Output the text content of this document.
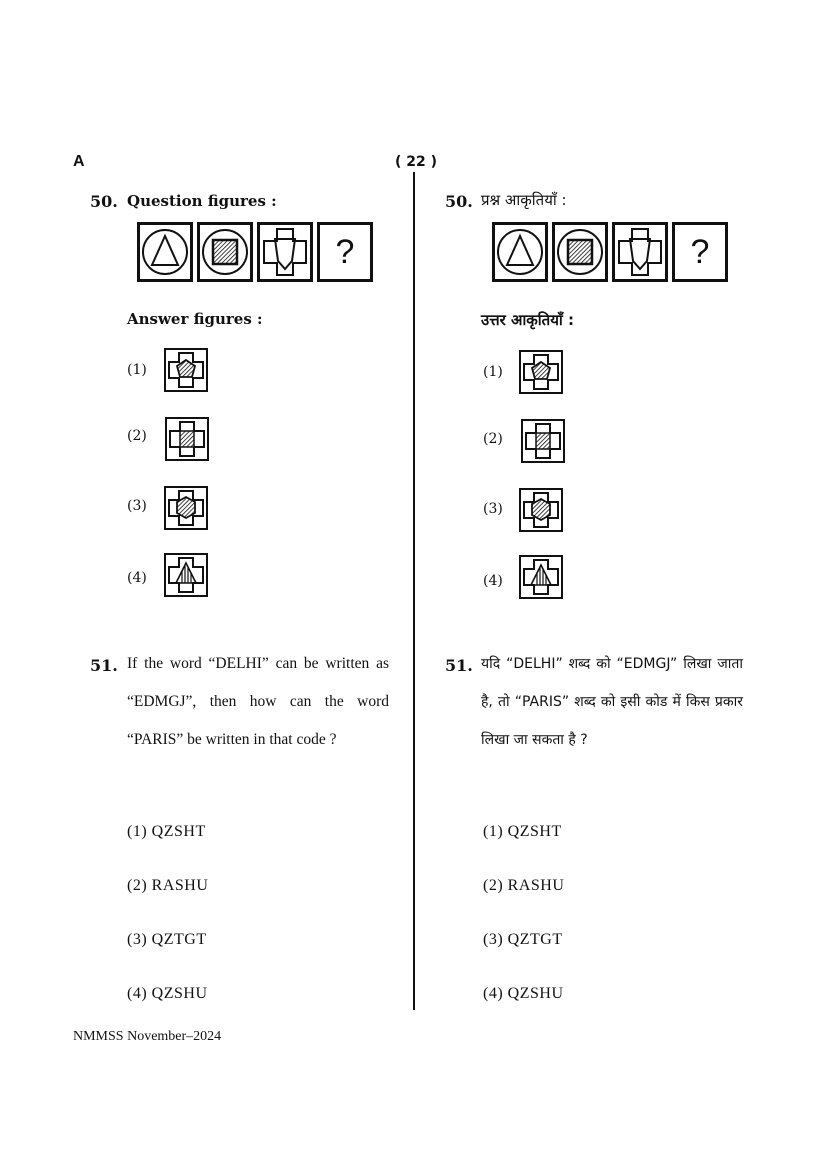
A	( 22 )
50. Question figures :
?
Answer figures :
(1)
(2)
(3)
(4)
50. प्रश्न आकृतियाँ :
?
उत्तर आकृतियाँ :
(1)
(2)
(3)
(4)
51. If the word “DELHI” can be written as “EDMGJ”, then how can the word “PARIS” be written in that code ?
(1) QZSHT
(2) RASHU
(3) QZTGT
(4) QZSHU
51. यदि “DELHI” शब्द को “EDMGJ” लिखा जाता है, तो “PARIS” शब्द को इसी कोड में किस प्रकार लिखा जा सकता है ?
(1) QZSHT
(2) RASHU
(3) QZTGT
(4) QZSHU
NMMSS November–2024
